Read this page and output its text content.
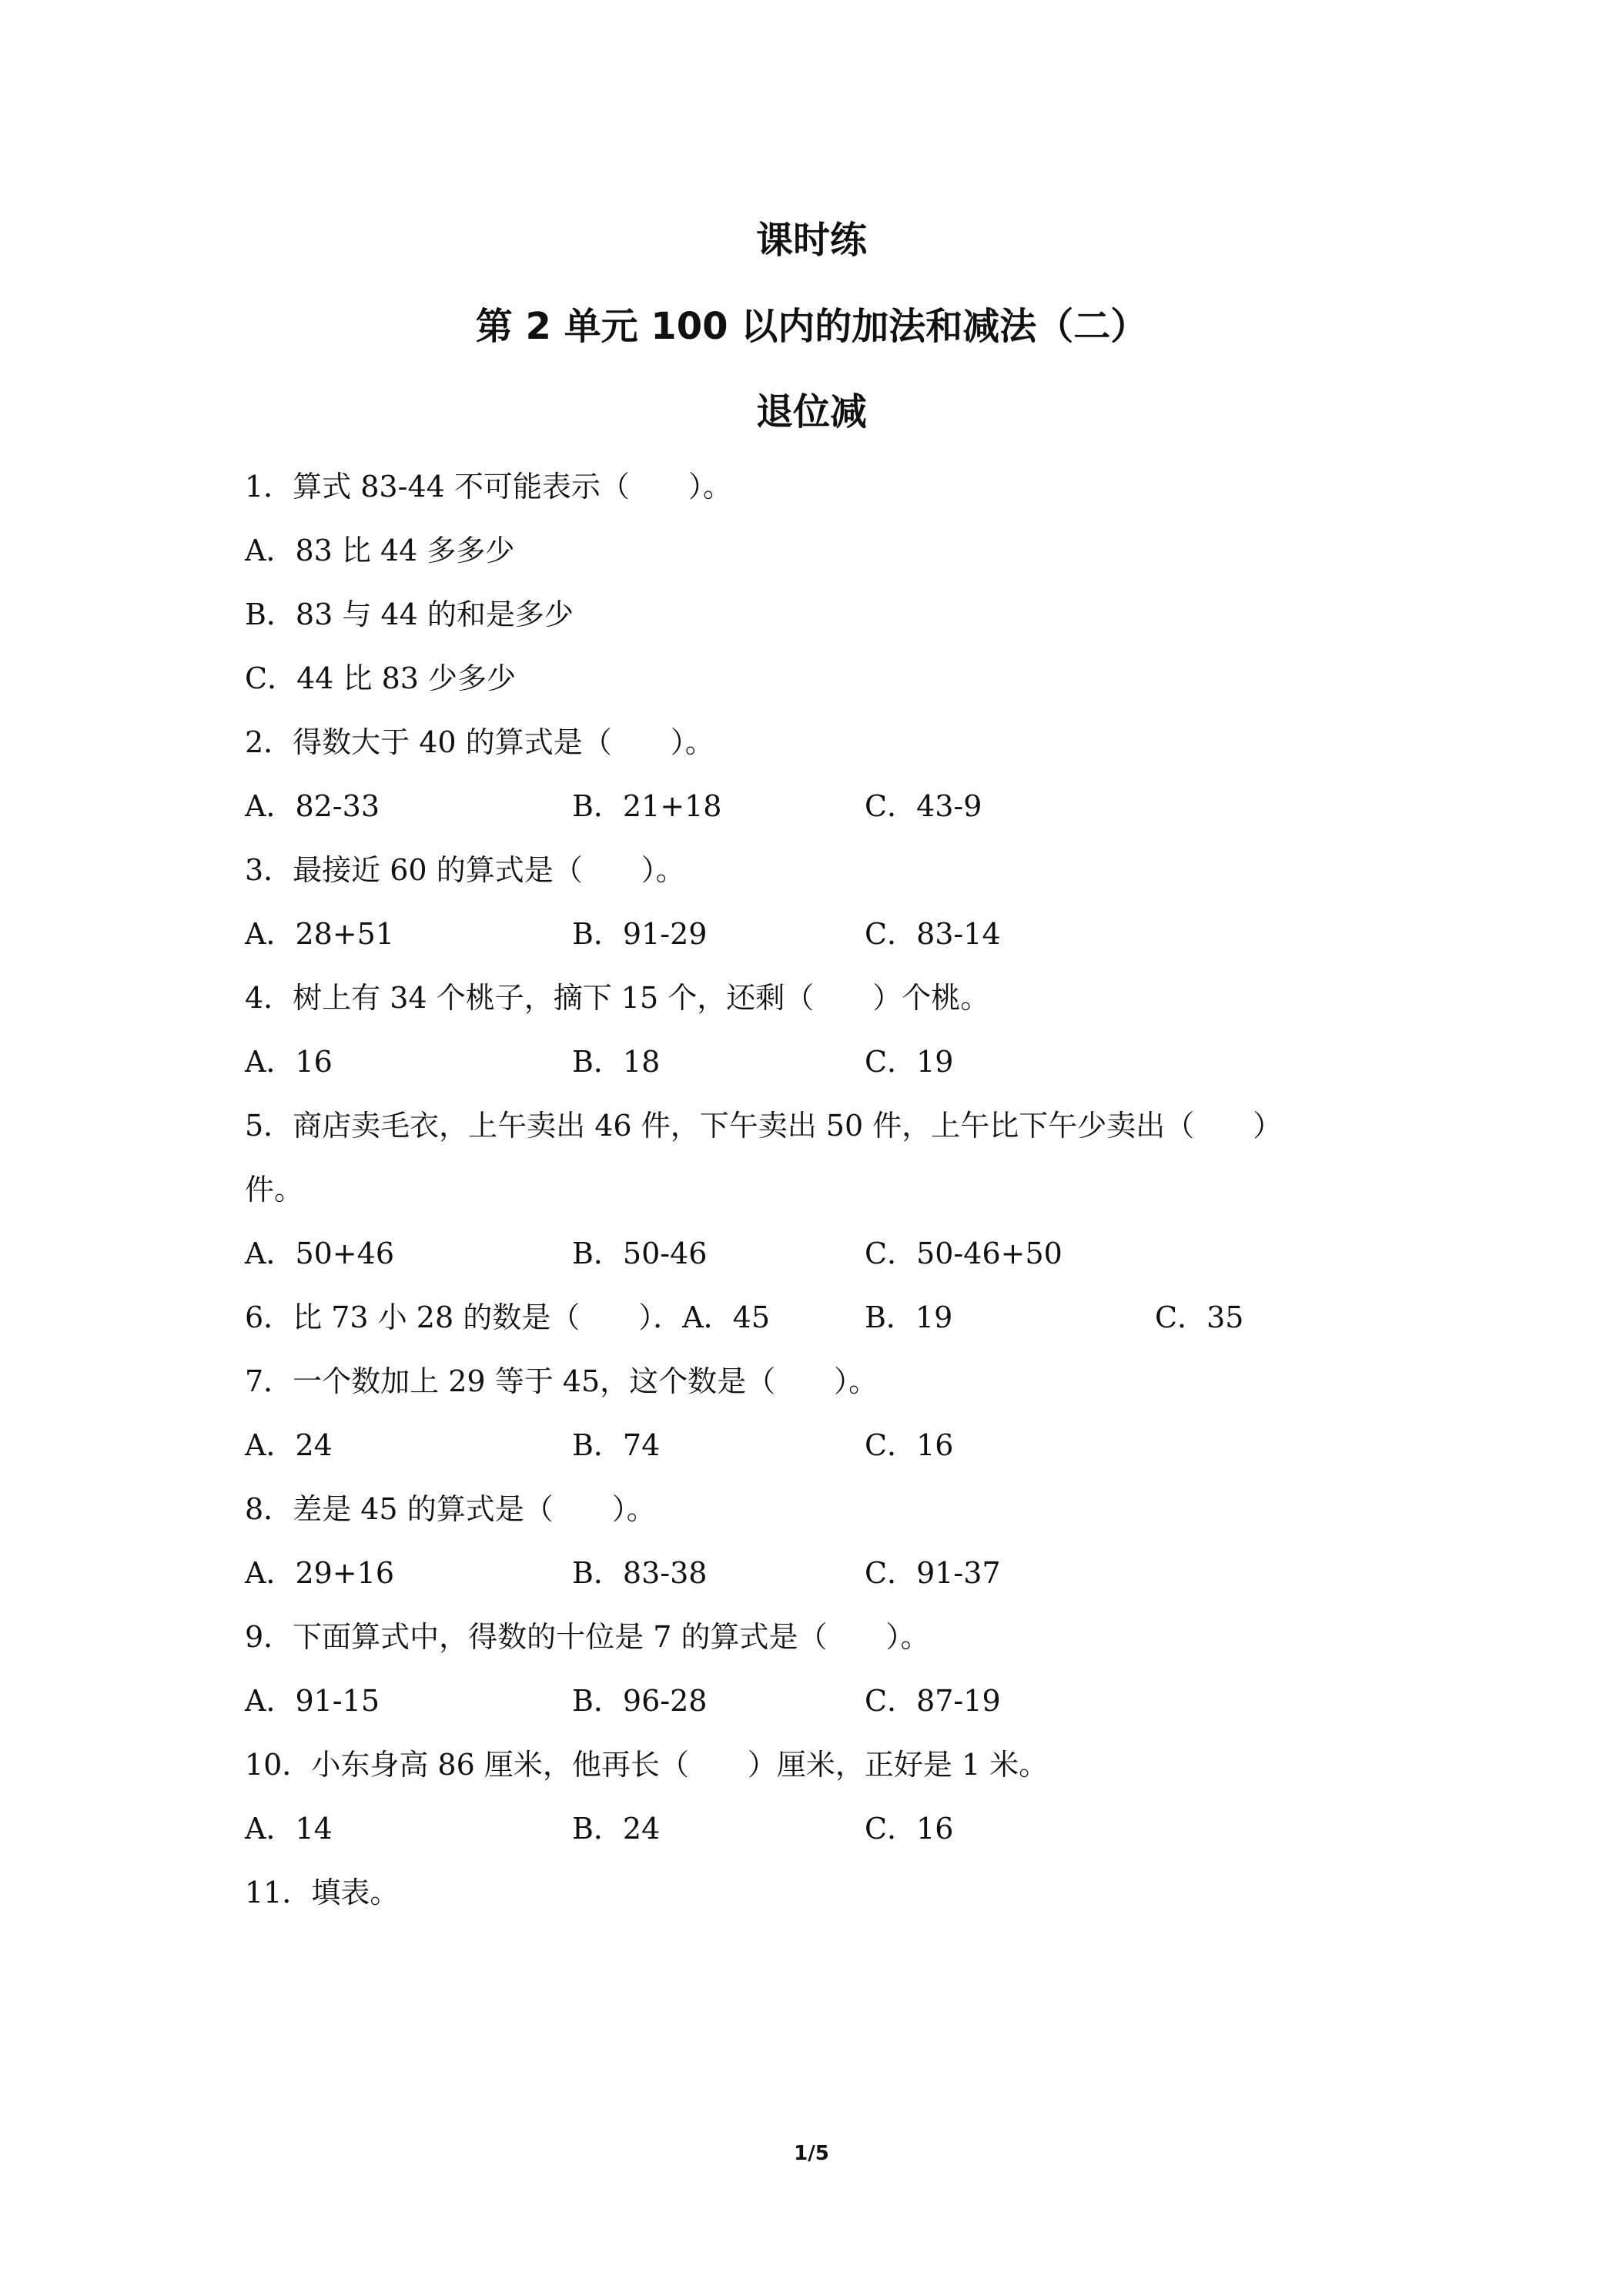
课时练
第 2 单元 100 以内的加法和减法（二）
退位减
1．算式 83-44 不可能表示（　　）。
A．83 比 44 多多少
B．83 与 44 的和是多少
C．44 比 83 少多少
2．得数大于 40 的算式是（　　）。
A．82-33	B．21+18	C．43-9
3．最接近 60 的算式是（　　）。
A．28+51	B．91-29	C．83-14
4．树上有 34 个桃子，摘下 15 个，还剩（　　）个桃。
A．16	B．18	C．19
5．商店卖毛衣，上午卖出 46 件，下午卖出 50 件，上午比下午少卖出（　　）
件。
A．50+46	B．50-46	C．50-46+50
6．比 73 小 28 的数是（　　）．A．45	B．19	C．35
7．一个数加上 29 等于 45，这个数是（　　）。
A．24	B．74	C．16
8．差是 45 的算式是（　　）。
A．29+16	B．83-38	C．91-37
9．下面算式中，得数的十位是 7 的算式是（　　）。
A．91-15	B．96-28	C．87-19
10．小东身高 86 厘米，他再长（　　）厘米，正好是 1 米。
A．14	B．24	C．16
11．填表。
1/5
